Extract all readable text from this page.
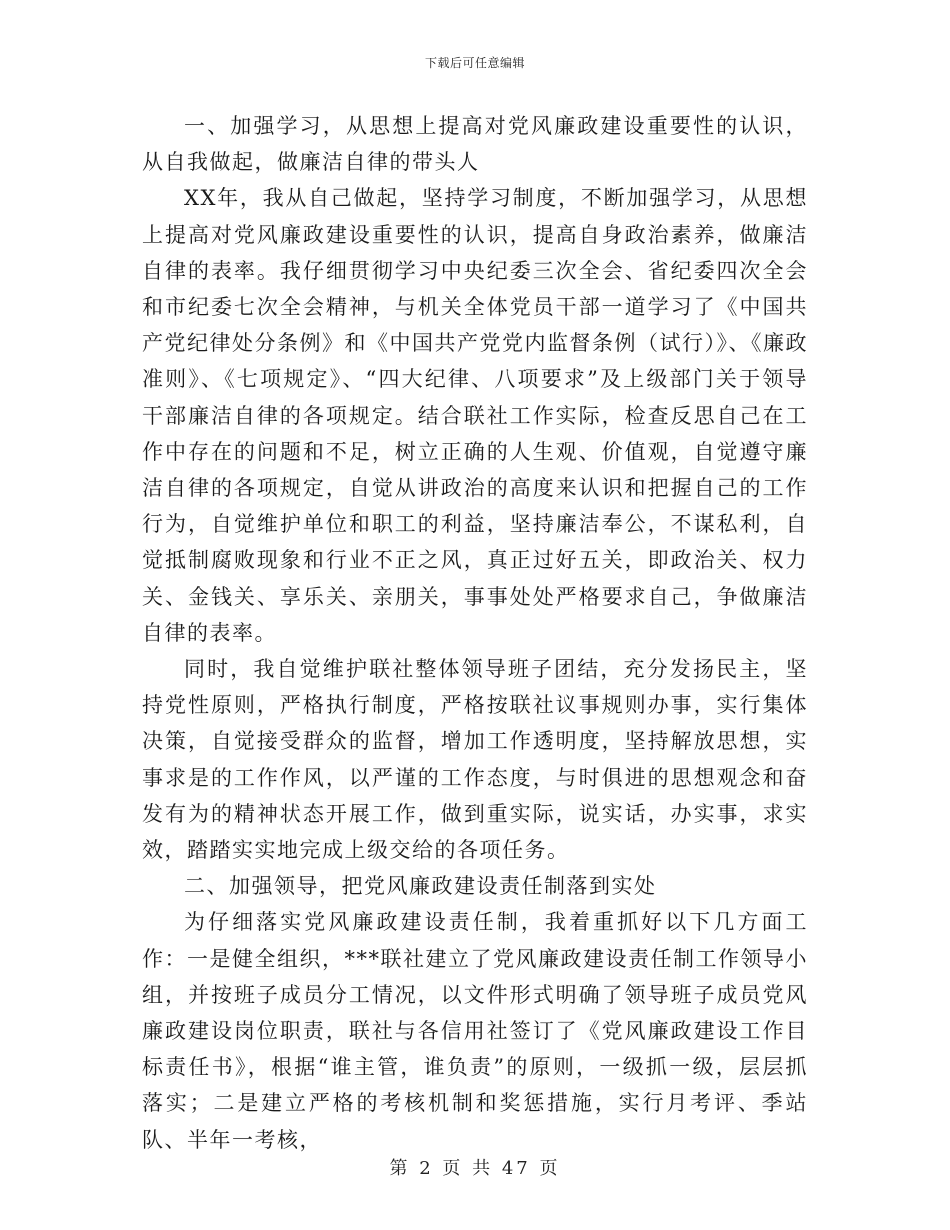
下载后可任意编辑

一、加强学习，从思想上提高对党风廉政建设重要性的认识，从自我做起，做廉洁自律的带头人

XX年，我从自己做起，坚持学习制度，不断加强学习，从思想上提高对党风廉政建设重要性的认识，提高自身政治素养，做廉洁自律的表率。我仔细贯彻学习中央纪委三次全会、省纪委四次全会和市纪委七次全会精神，与机关全体党员干部一道学习了《中国共产党纪律处分条例》和《中国共产党党内监督条例（试行）》、《廉政准则》、《七项规定》、“四大纪律、八项要求”及上级部门关于领导干部廉洁自律的各项规定。结合联社工作实际，检查反思自己在工作中存在的问题和不足，树立正确的人生观、价值观，自觉遵守廉洁自律的各项规定，自觉从讲政治的高度来认识和把握自己的工作行为，自觉维护单位和职工的利益，坚持廉洁奉公，不谋私利，自觉抵制腐败现象和行业不正之风，真正过好五关，即政治关、权力关、金钱关、享乐关、亲朋关，事事处处严格要求自己，争做廉洁自律的表率。

同时，我自觉维护联社整体领导班子团结，充分发扬民主，坚持党性原则，严格执行制度，严格按联社议事规则办事，实行集体决策，自觉接受群众的监督，增加工作透明度，坚持解放思想，实事求是的工作作风，以严谨的工作态度，与时俱进的思想观念和奋发有为的精神状态开展工作，做到重实际，说实话，办实事，求实效，踏踏实实地完成上级交给的各项任务。

二、加强领导，把党风廉政建设责任制落到实处

为仔细落实党风廉政建设责任制，我着重抓好以下几方面工作：一是健全组织，***联社建立了党风廉政建设责任制工作领导小组，并按班子成员分工情况，以文件形式明确了领导班子成员党风廉政建设岗位职责，联社与各信用社签订了《党风廉政建设工作目标责任书》，根据“谁主管，谁负责”的原则，一级抓一级，层层抓落实；二是建立严格的考核机制和奖惩措施，实行月考评、季站队、半年一考核，

第 2 页 共 47 页
